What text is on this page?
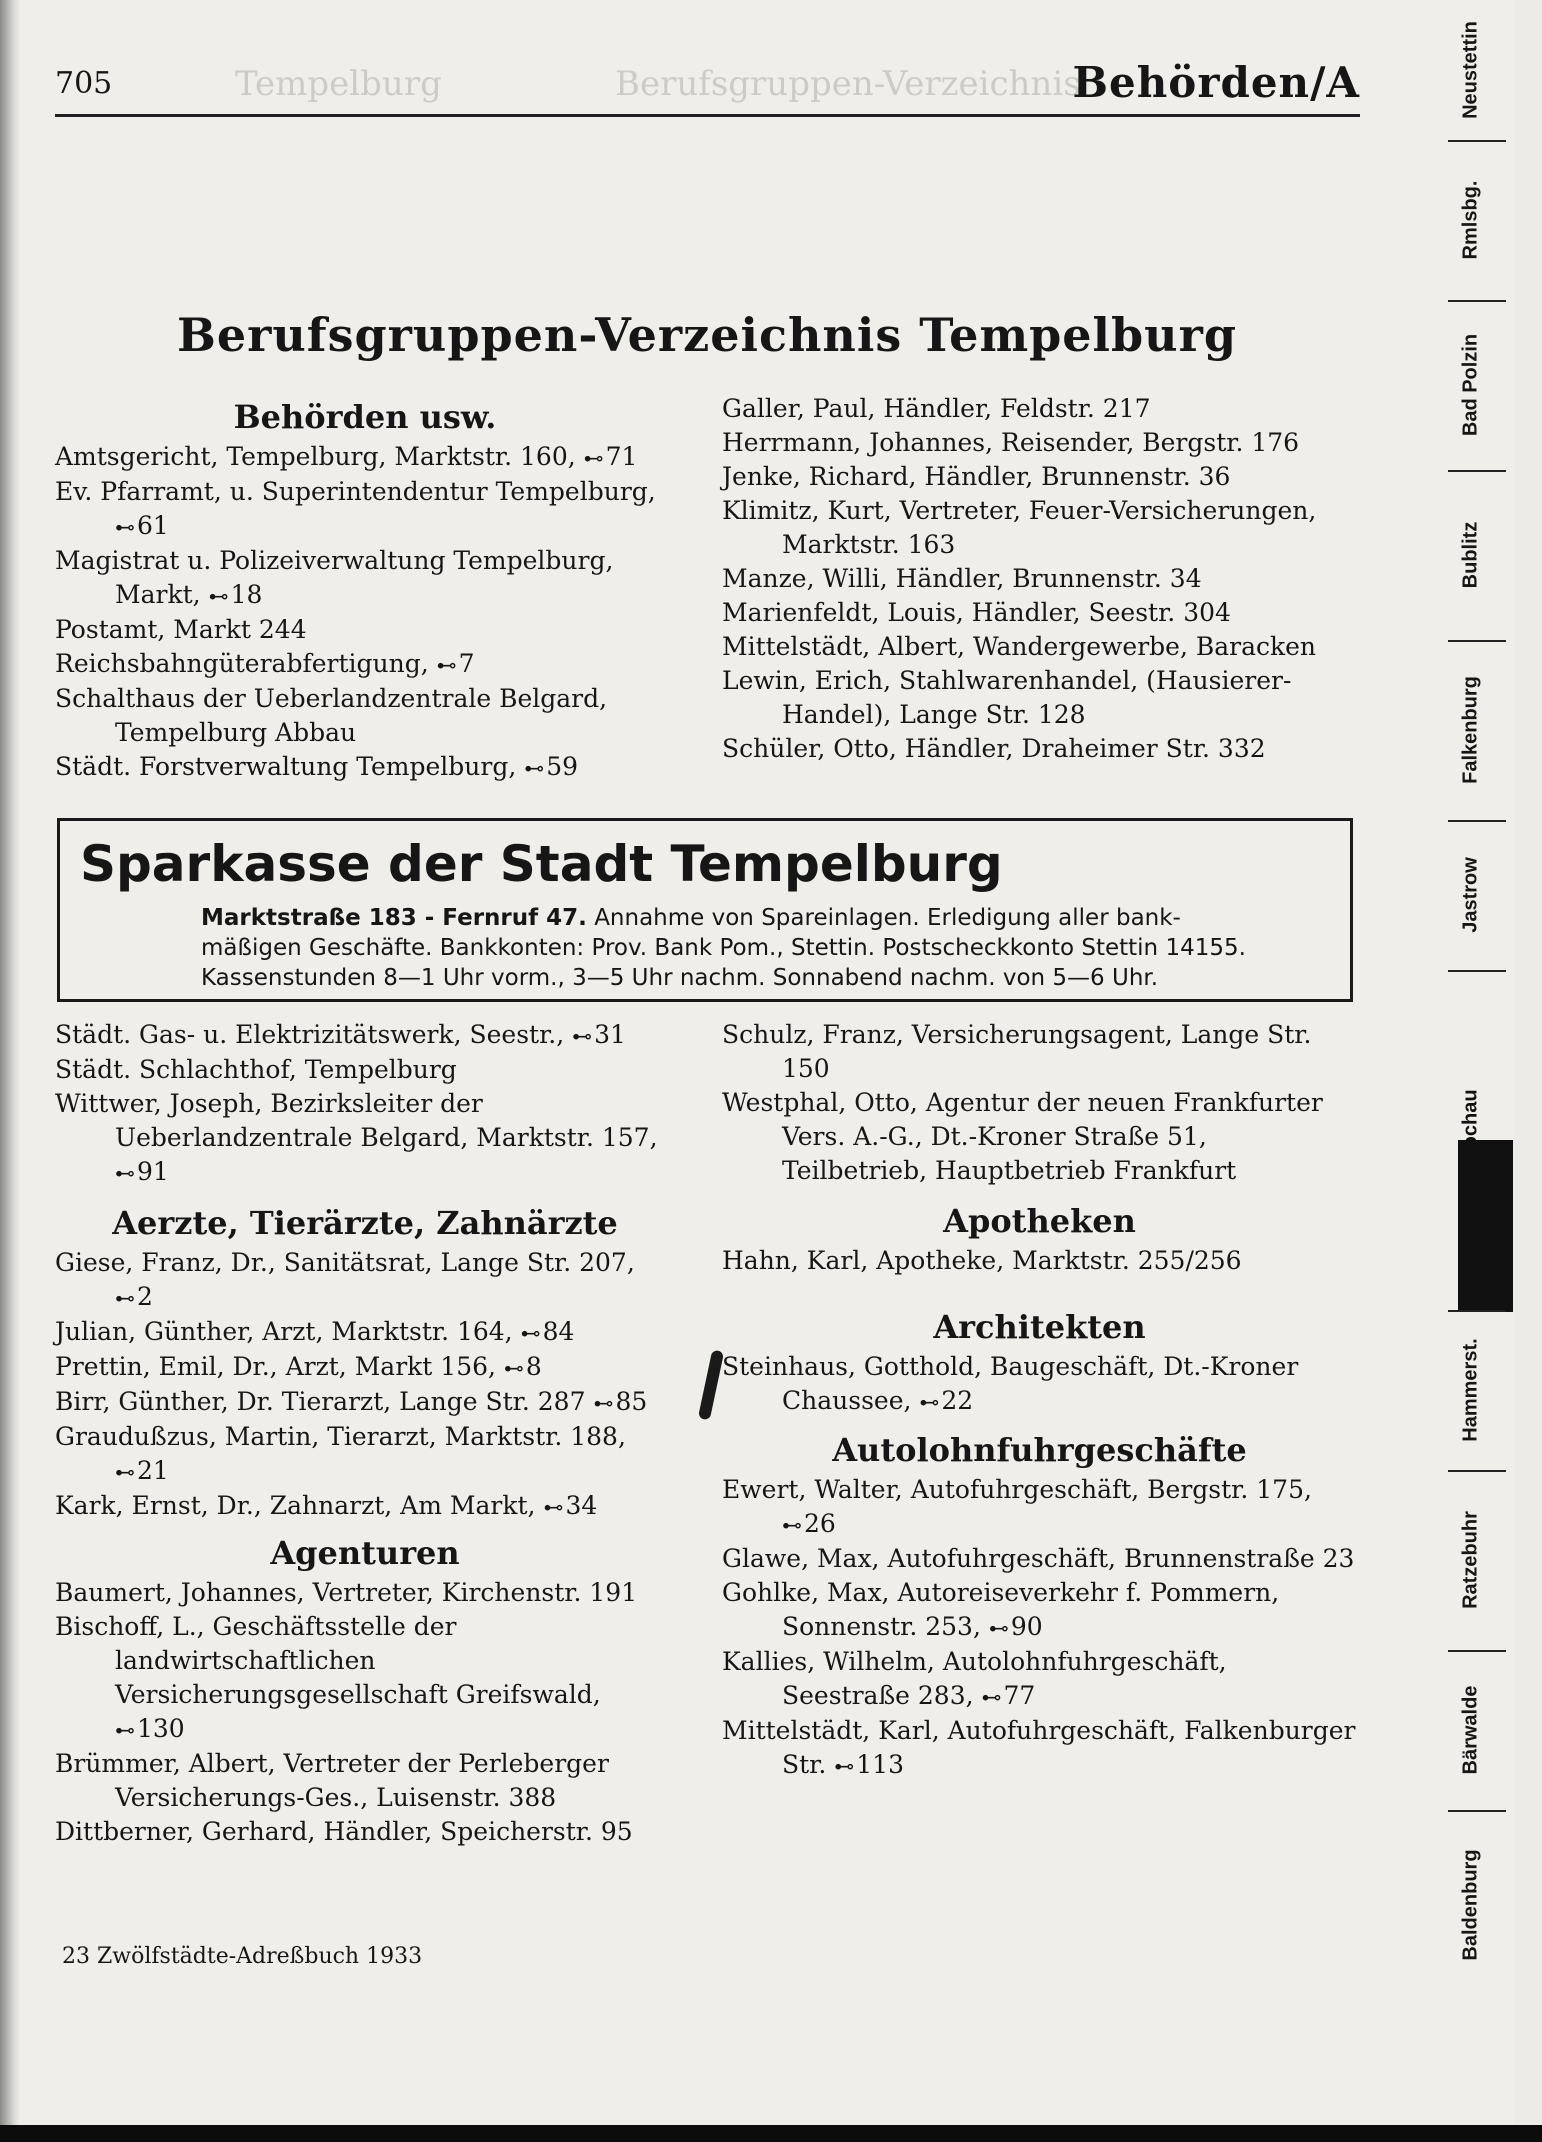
705	Tempelburg	Berufsgruppen-Verzeichnis
Behörden/A
Berufsgruppen-Verzeichnis Tempelburg
Behörden usw.

Amtsgericht, Tempelburg, Marktstr. 160, ⊷ 71

Ev. Pfarramt, u. Superintendentur Tempelburg, ⊷ 61

Magistrat u. Polizeiverwaltung Tempelburg, Markt, ⊷ 18

Postamt, Markt 244

Reichsbahngüterabfertigung, ⊷ 7

Schalthaus der Ueberlandzentrale Belgard, Tempelburg Abbau

Städt. Forstverwaltung Tempelburg, ⊷ 59

Galler, Paul, Händler, Feldstr. 217

Herrmann, Johannes, Reisender, Bergstr. 176

Jenke, Richard, Händler, Brunnenstr. 36

Klimitz, Kurt, Vertreter, Feuer-Versicherungen, Marktstr. 163

Manze, Willi, Händler, Brunnenstr. 34

Marienfeldt, Louis, Händler, Seestr. 304

Mittelstädt, Albert, Wandergewerbe, Baracken

Lewin, Erich, Stahlwarenhandel, (Hausierer-Handel), Lange Str. 128

Schüler, Otto, Händler, Draheimer Str. 332

Sparkasse der Stadt Tempelburg
Marktstraße 183 - Fernruf 47. Annahme von Spareinlagen. Erledigung aller bank-
mäßigen Geschäfte. Bankkonten: Prov. Bank Pom., Stettin. Postscheckkonto Stettin 14155.
Kassenstunden 8—1 Uhr vorm., 3—5 Uhr nachm. Sonnabend nachm. von 5—6 Uhr.

Städt. Gas- u. Elektrizitätswerk, Seestr., ⊷ 31

Städt. Schlachthof, Tempelburg

Wittwer, Joseph, Bezirksleiter der Ueberlandzentrale Belgard, Marktstr. 157, ⊷ 91

Aerzte, Tierärzte, Zahnärzte

Giese, Franz, Dr., Sanitätsrat, Lange Str. 207, ⊷ 2

Julian, Günther, Arzt, Marktstr. 164, ⊷ 84

Prettin, Emil, Dr., Arzt, Markt 156, ⊷ 8

Birr, Günther, Dr. Tierarzt, Lange Str. 287 ⊷ 85

Graudußzus, Martin, Tierarzt, Marktstr. 188, ⊷ 21

Kark, Ernst, Dr., Zahnarzt, Am Markt, ⊷ 34

Agenturen

Baumert, Johannes, Vertreter, Kirchenstr. 191

Bischoff, L., Geschäftsstelle der landwirtschaftlichen Versicherungsgesellschaft Greifswald, ⊷ 130

Brümmer, Albert, Vertreter der Perleberger Versicherungs-Ges., Luisenstr. 388

Dittberner, Gerhard, Händler, Speicherstr. 95

Schulz, Franz, Versicherungsagent, Lange Str. 150

Westphal, Otto, Agentur der neuen Frankfurter Vers. A.-G., Dt.-Kroner Straße 51, Teilbetrieb, Hauptbetrieb Frankfurt

Apotheken

Hahn, Karl, Apotheke, Marktstr. 255/256

Architekten

Steinhaus, Gotthold, Baugeschäft, Dt.-Kroner Chaussee, ⊷ 22

Autolohnfuhrgeschäfte

Ewert, Walter, Autofuhrgeschäft, Bergstr. 175, ⊷ 26

Glawe, Max, Autofuhrgeschäft, Brunnenstraße 23

Gohlke, Max, Autoreiseverkehr f. Pommern, Sonnenstr. 253, ⊷ 90

Kallies, Wilhelm, Autolohnfuhrgeschäft, Seestraße 283, ⊷ 77

Mittelstädt, Karl, Autofuhrgeschäft, Falkenburger Str. ⊷ 113

23 Zwölfstädte-Adreßbuch 1933
Neustettin
Rmlsbg.
Bad Polzin
Bublitz
Falkenburg
Jastrow
Schlochau
Hammerst.
Ratzebuhr
Bärwalde
Baldenburg
